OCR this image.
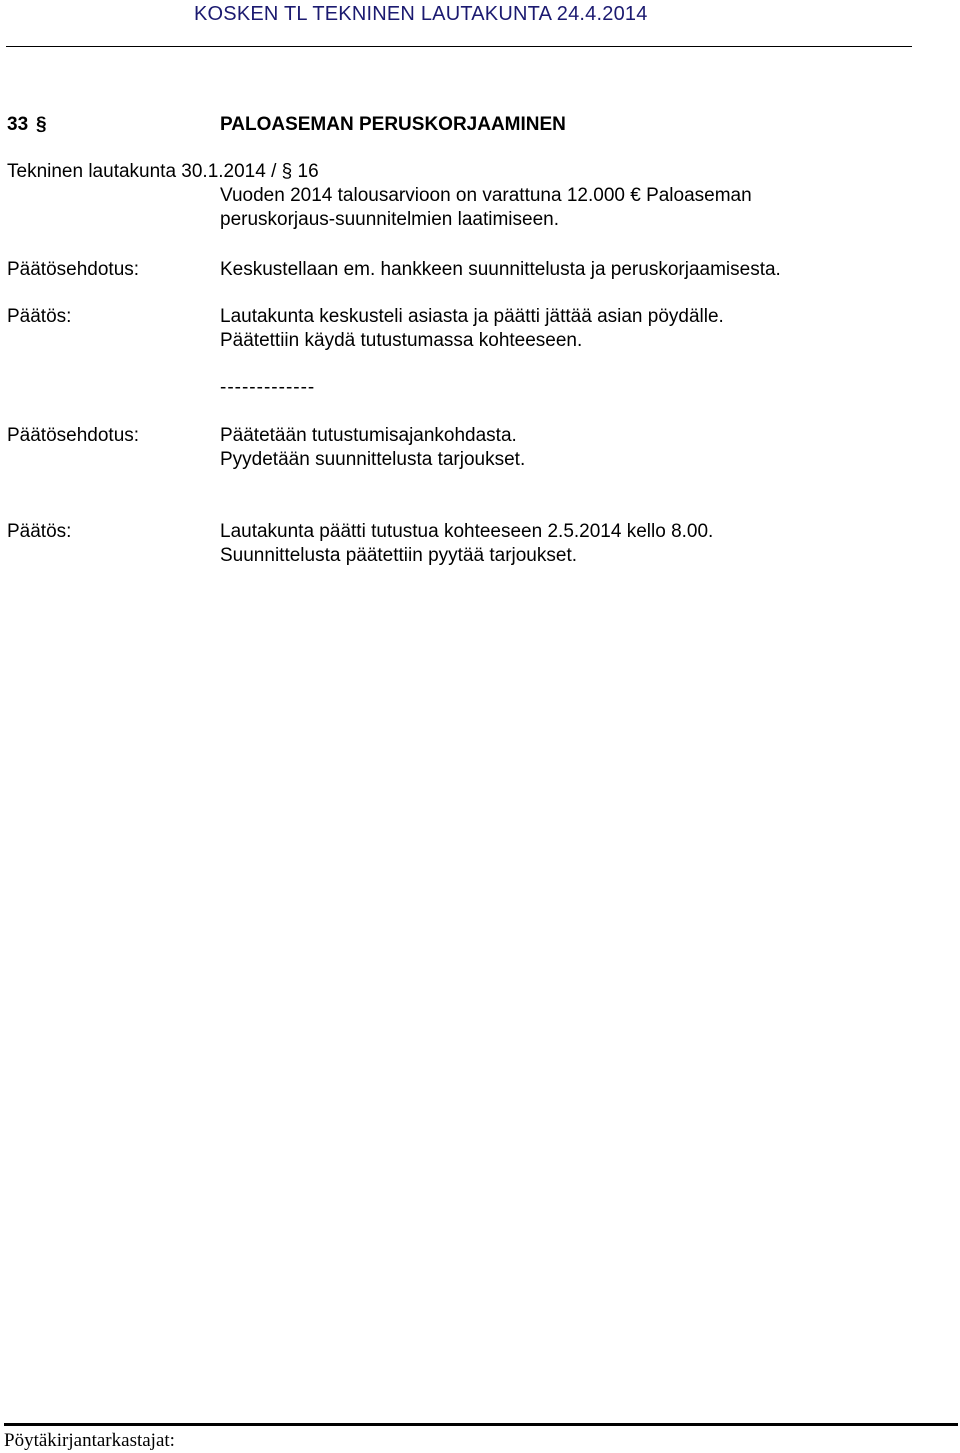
KOSKEN TL TEKNINEN LAUTAKUNTA 24.4.2014
33 §	PALOASEMAN PERUSKORJAAMINEN
Tekninen lautakunta 30.1.2014 / § 16
Vuoden 2014 talousarvioon on varattuna 12.000 € Paloaseman
peruskorjaus-suunnitelmien laatimiseen.
Päätösehdotus:	Keskustellaan em. hankkeen suunnittelusta ja peruskorjaamisesta.
Päätös:	Lautakunta keskusteli asiasta ja päätti jättää asian pöydälle.
Päätettiin käydä tutustumassa kohteeseen.
-------------
Päätösehdotus:	Päätetään tutustumisajankohdasta.
Pyydetään suunnittelusta tarjoukset.
Päätös:	Lautakunta päätti tutustua kohteeseen 2.5.2014 kello 8.00.
Suunnittelusta päätettiin pyytää tarjoukset.
Pöytäkirjantarkastajat:
